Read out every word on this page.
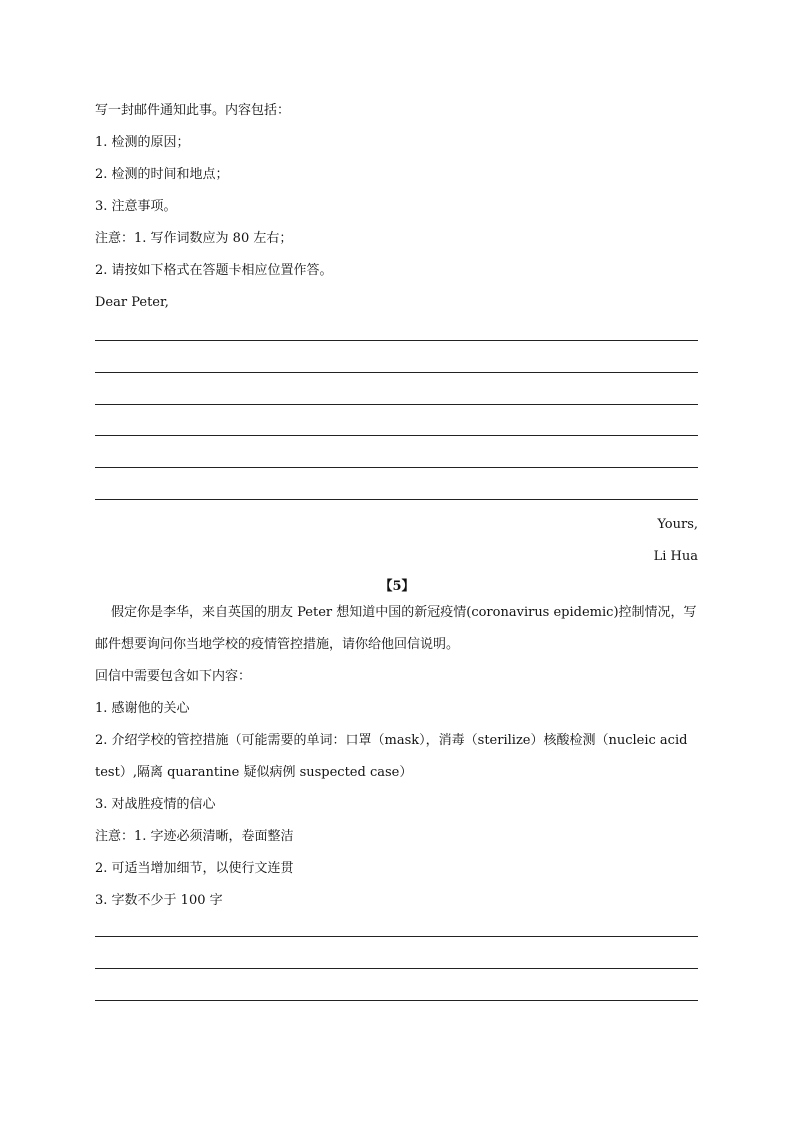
写一封邮件通知此事。内容包括：
1. 检测的原因；
2. 检测的时间和地点；
3. 注意事项。
注意：1. 写作词数应为 80 左右；
2. 请按如下格式在答题卡相应位置作答。
Dear Peter,
Yours,
Li Hua
【5】
假定你是李华，来自英国的朋友 Peter 想知道中国的新冠疫情(coronavirus epidemic)控制情况，写
邮件想要询问你当地学校的疫情管控措施，请你给他回信说明。
回信中需要包含如下内容：
1. 感谢他的关心
2. 介绍学校的管控措施（可能需要的单词：口罩（mask），消毒（sterilize）核酸检测（nucleic acid
test）,隔离 quarantine 疑似病例 suspected case）
3. 对战胜疫情的信心
注意：1. 字迹必须清晰，卷面整洁
2. 可适当增加细节，以使行文连贯
3. 字数不少于 100 字
